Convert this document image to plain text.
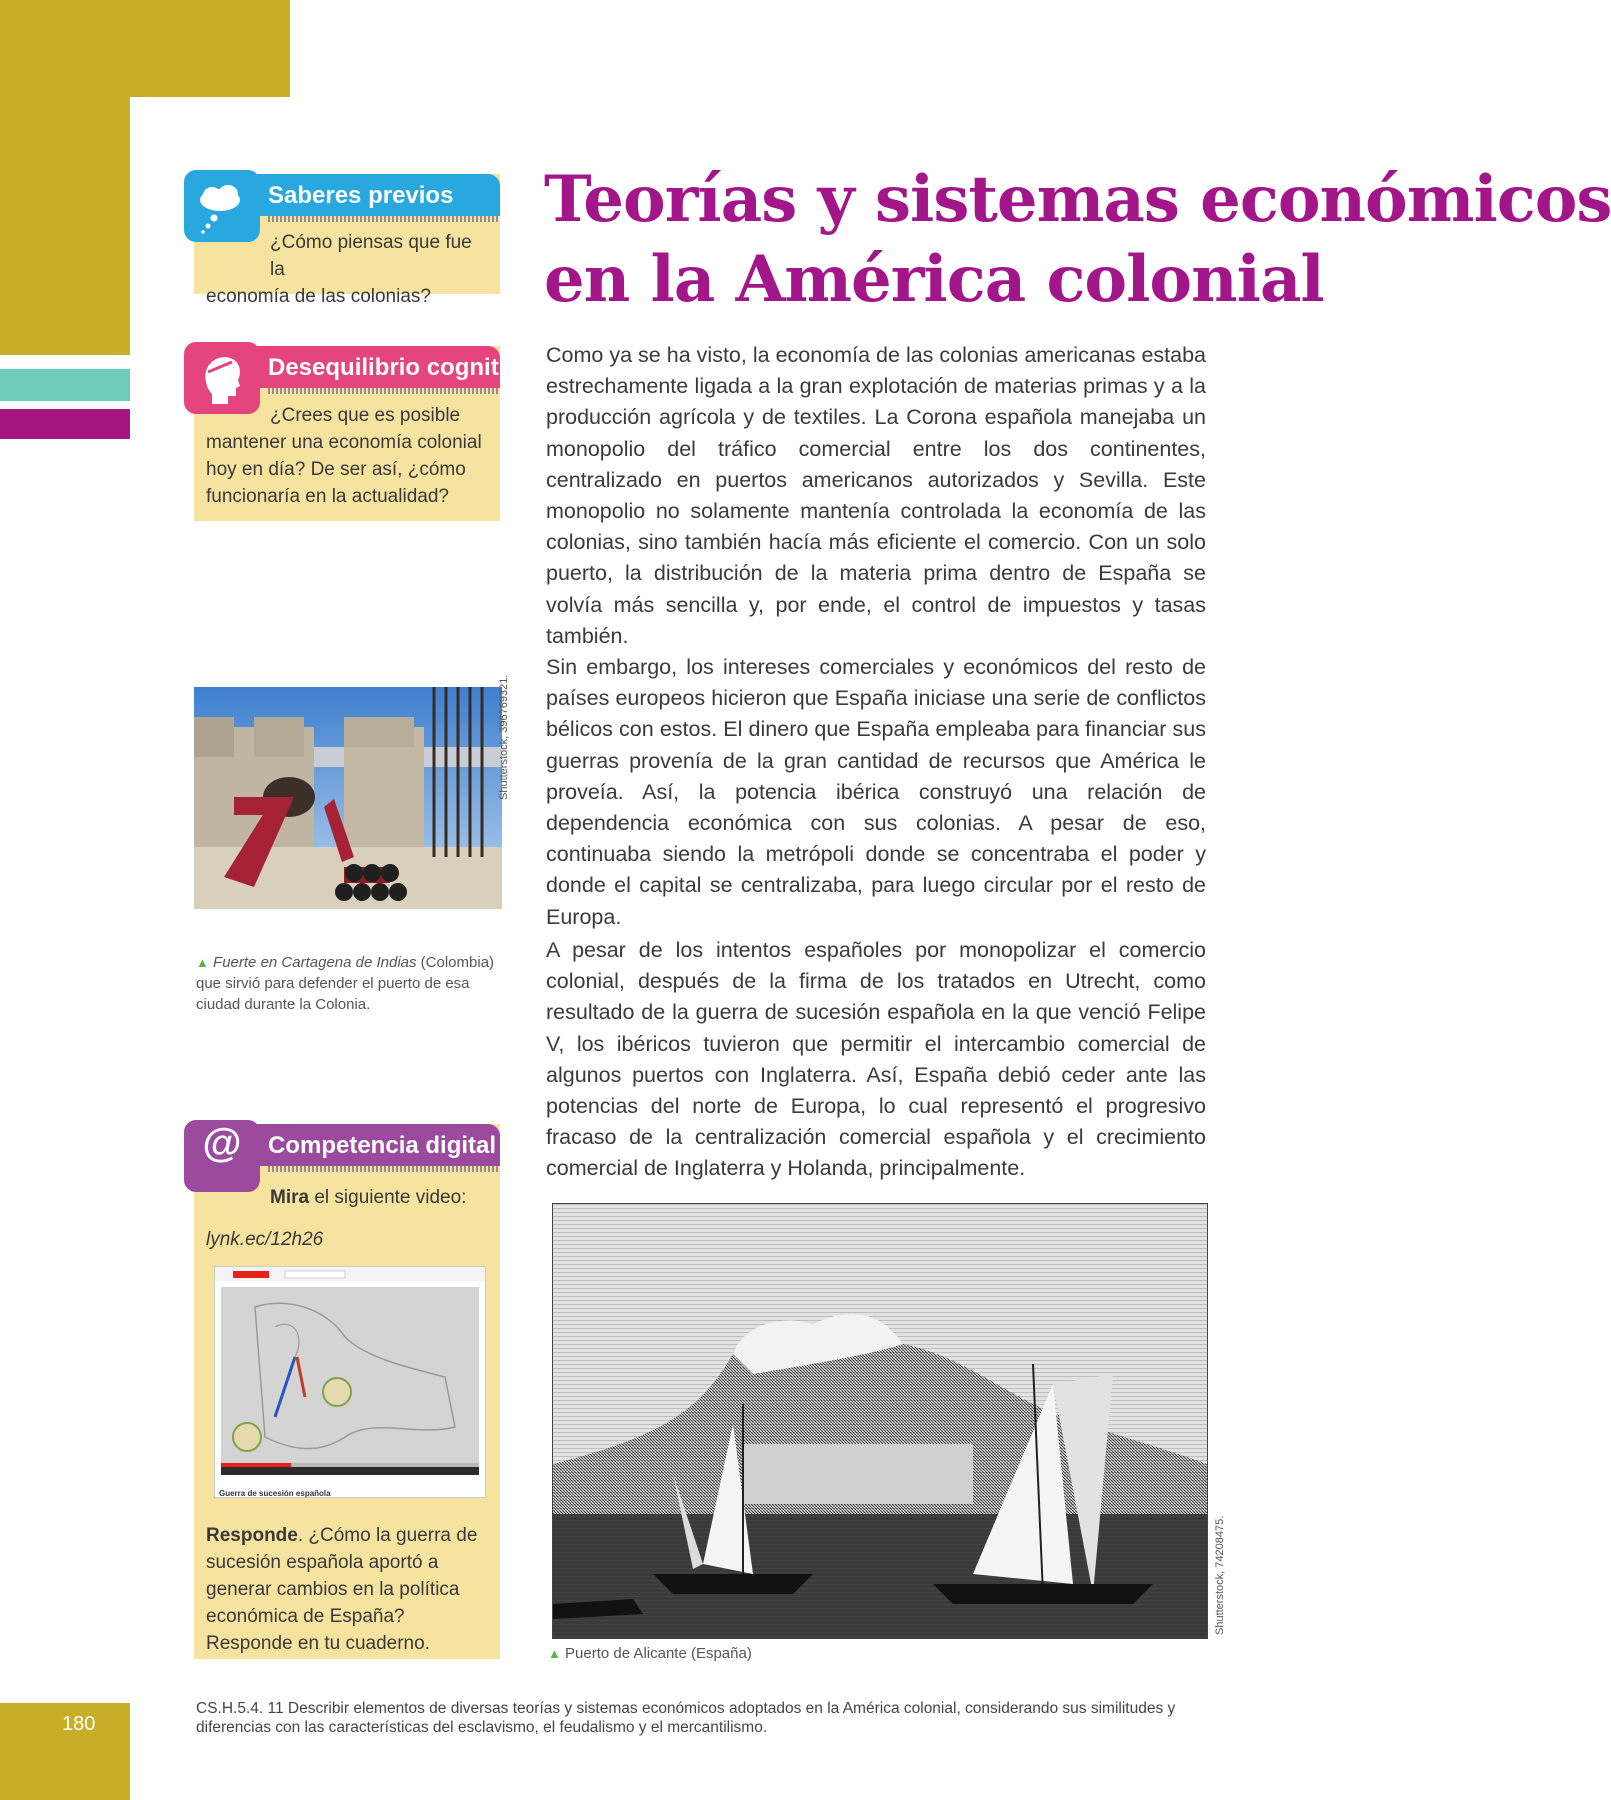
180
Saberes previos
¿Cómo piensas que fue la
economía de las colonias?
Desequilibrio cognitivo
¿Crees que es posible
mantener una economía colonial
hoy en día? De ser así, ¿cómo
funcionaría en la actualidad?
Teorías y sistemas económicos
en la América colonial

Como ya se ha visto, la economía de las colonias americanas estaba estrechamente ligada a la gran explotación de materias primas y a la producción agrícola y de textiles. La Corona española manejaba un monopolio del tráfico comercial entre los dos continentes, centralizado en puertos americanos autorizados y Sevilla. Este monopolio no solamente mantenía controlada la economía de las colonias, sino también hacía más eficiente el comercio. Con un solo puerto, la distribución de la materia prima dentro de España se volvía más sencilla y, por ende, el control de impuestos y tasas también.

Sin embargo, los intereses comerciales y económicos del resto de países europeos hicieron que España iniciase una serie de conflictos bélicos con estos. El dinero que España empleaba para financiar sus guerras provenía de la gran cantidad de recursos que América le proveía. Así, la potencia ibérica construyó una relación de dependencia económica con sus colonias. A pesar de eso, continuaba siendo la metrópoli donde se concentraba el poder y donde el capital se centralizaba, para luego circular por el resto de Europa.

A pesar de los intentos españoles por monopolizar el comercio colonial, después de la firma de los tratados en Utrecht, como resultado de la guerra de sucesión española en la que venció Felipe V, los ibéricos tuvieron que permitir el intercambio comercial de algunos puertos con Inglaterra. Así, España debió ceder ante las potencias del norte de Europa, lo cual representó el progresivo fracaso de la centralización comercial española y el crecimiento comercial de Inglaterra y Holanda, principalmente.

Shutterstock, 396769321.
▲ Fuerte en Cartagena de Indias (Colombia) que sirvió para defender el puerto de esa ciudad durante la Colonia.
Competencia digital
@
Mira el siguiente video:
lynk.ec/12h26
Guerra de sucesión española
Responde. ¿Cómo la guerra de sucesión española aportó a generar cambios en la política económica de España? Responde en tu cuaderno.
Shutterstock, 74208475.
▲ Puerto de Alicante (España)
CS.H.5.4. 11 Describir elementos de diversas teorías y sistemas económicos adoptados en la América colonial, considerando sus similitudes y diferencias con las características del esclavismo, el feudalismo y el mercantilismo.
